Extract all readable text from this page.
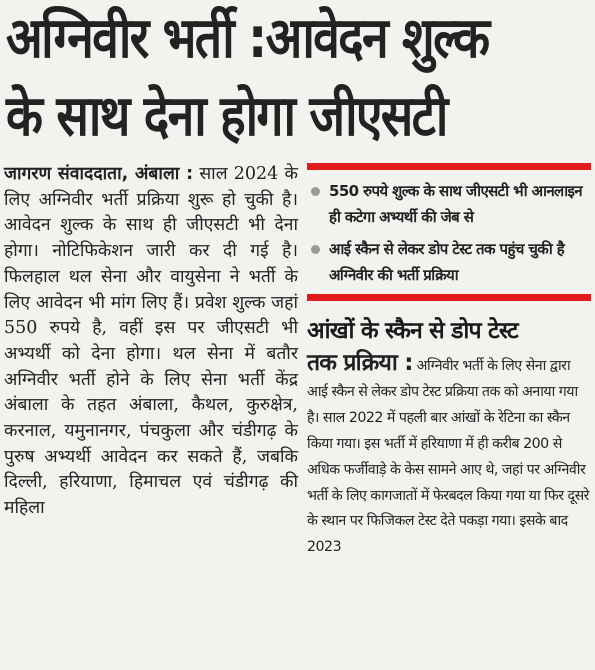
अग्निवीर भर्ती :आवेदन शुल्क
के साथ देना होगा जीएसटी
जागरण संवाददाता, अंबाला : साल 2024 के लिए अग्निवीर भर्ती प्रक्रिया शुरू हो चुकी है। आवेदन शुल्क के साथ ही जीएसटी भी देना होगा। नोटिफिकेशन जारी कर दी गई है। फिलहाल थल सेना और वायुसेना ने भर्ती के लिए आवेदन भी मांग लिए हैं। प्रवेश शुल्क जहां 550 रुपये है, वहीं इस पर जीएसटी भी अभ्यर्थी को देना होगा। थल सेना में बतौर अग्निवीर भर्ती होने के लिए सेना भर्ती केंद्र अंबाला के तहत अंबाला, कैथल, कुरुक्षेत्र, करनाल, यमुनानगर, पंचकुला और चंडीगढ़ के पुरुष अभ्यर्थी आवेदन कर सकते हैं, जबकि दिल्ली, हरियाणा, हिमाचल एवं चंडीगढ़ की महिला
550 रुपये शुल्क के साथ जीएसटी भी आनलाइन ही कटेगा अभ्यर्थी की जेब से
आई स्कैन से लेकर डोप टेस्ट तक पहुंच चुकी है अग्निवीर की भर्ती प्रक्रिया
आंखों के स्कैन से डोप टेस्ट
तक प्रक्रिया : अग्निवीर भर्ती के लिए सेना द्वारा आई स्कैन से लेकर डोप टेस्ट प्रक्रिया तक को अनाया गया है। साल 2022 में पहली बार आंखों के रेटिना का स्कैन किया गया। इस भर्ती में हरियाणा में ही करीब 200 से अधिक फर्जीवाड़े के केस सामने आए थे, जहां पर अग्निवीर भर्ती के लिए कागजातों में फेरबदल किया गया या फिर दूसरे के स्थान पर फिजिकल टेस्ट देते पकड़ा गया। इसके बाद 2023
